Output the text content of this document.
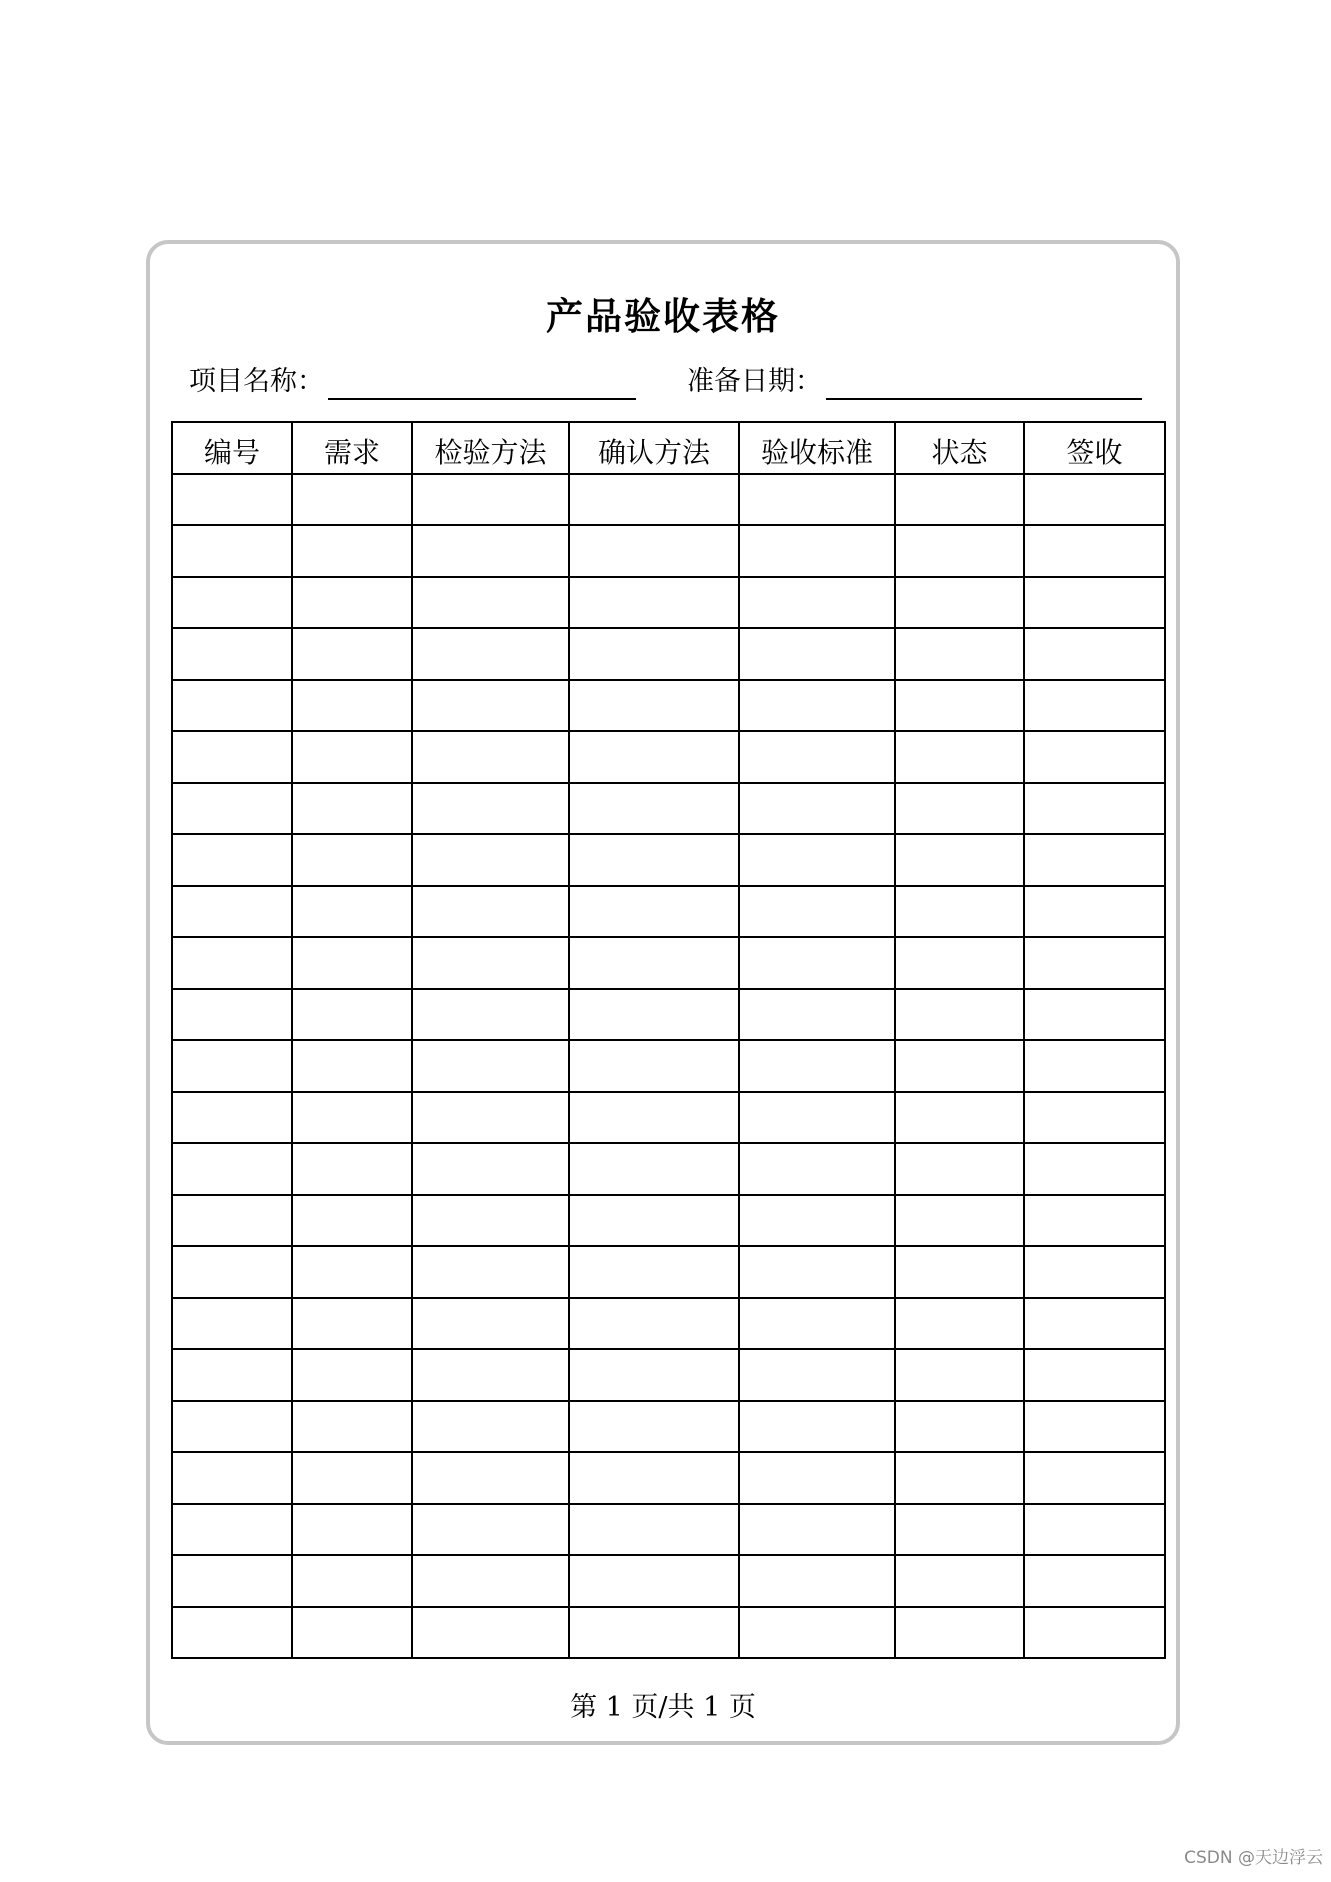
产品验收表格
项目名称：	准备日期：
编号	需求	检验方法	确认方法	验收标准	状态	签收

第 1 页/共 1 页
CSDN @天边浮云
